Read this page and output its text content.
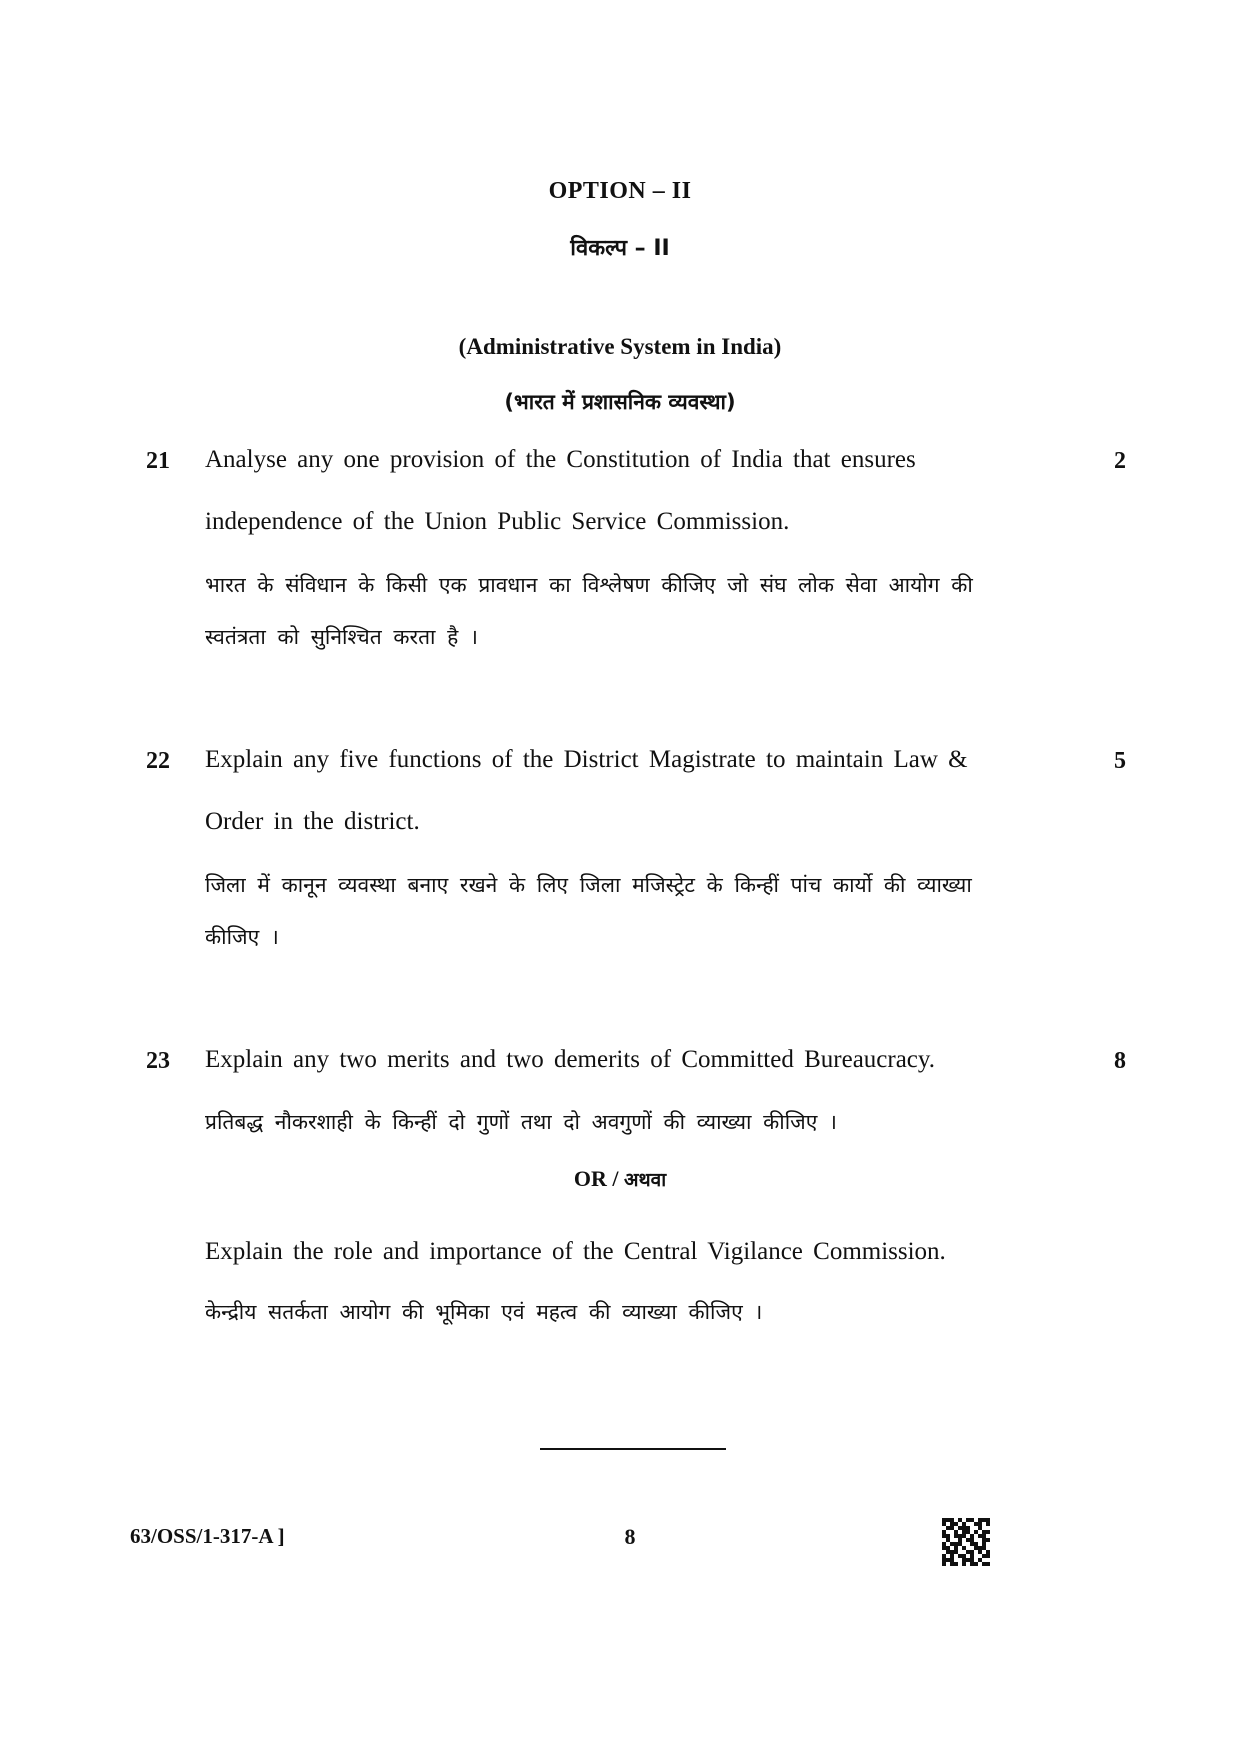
OPTION – II
विकल्प – II
(Administrative System in India)
(भारत में प्रशासनिक व्यवस्था)
21	2
Analyse any one provision of the Constitution of India that ensures
independence of the Union Public Service Commission.
भारत के संविधान के किसी एक प्रावधान का विश्लेषण कीजिए जो संघ लोक सेवा आयोग की
स्वतंत्रता को सुनिश्चित करता है ।
22	5
Explain any five functions of the District Magistrate to maintain Law &
Order in the district.
जिला में कानून व्यवस्था बनाए रखने के लिए जिला मजिस्ट्रेट के किन्हीं पांच कार्यो की व्याख्या
कीजिए ।
23	8
Explain any two merits and two demerits of Committed Bureaucracy.
प्रतिबद्ध नौकरशाही के किन्हीं दो गुणों तथा दो अवगुणों की व्याख्या कीजिए ।
OR / अथवा
Explain the role and importance of the Central Vigilance Commission.
केन्द्रीय सतर्कता आयोग की भूमिका एवं महत्व की व्याख्या कीजिए ।
63/OSS/1-317-A ]	8
